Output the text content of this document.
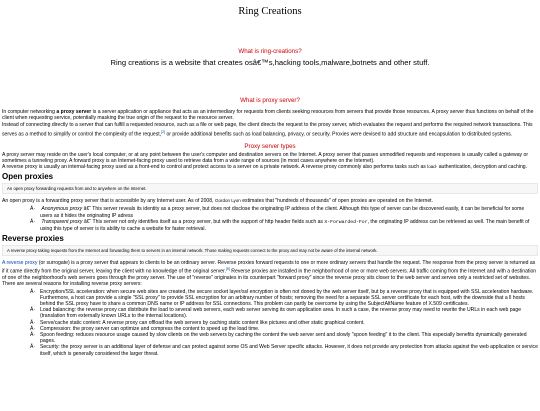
Ring Creations
What is ring-creations?
Ring creations is a website that creates osâ€™s,hacking tools,malware,botnets and other stuff.
What is proxy server?

In computer networking a proxy server is a server application or appliance that acts as an intermediary for requests from clients seeking resources from servers that provide those resources. A proxy server thus functions on behalf of the client when requesting service, potentially masking the true origin of the request to the resource server.

Instead of connecting directly to a server that can fulfill a requested resource, such as a file or web page, the client directs the request to the proxy server, which evaluates the request and performs the required network transactions. This serves as a method to simplify or control the complexity of the request,[2] or provide additional benefits such as load balancing, privacy, or security. Proxies were devised to add structure and encapsulation to distributed systems.

Proxy server types

A proxy server may reside on the user's local computer, or at any point between the user's computer and destination servers on the Internet. A proxy server that passes unmodified requests and responses is usually called a gateway or sometimes a tunneling proxy. A forward proxy is an Internet-facing proxy used to retrieve data from a wide range of sources (in most cases anywhere on the Internet).

A reverse proxy is usually an internal-facing proxy used as a front-end to control and protect access to a server on a private network. A reverse proxy commonly also performs tasks such as load- authentication, decryption and caching.

Open proxies
An open proxy forwarding requests from and to anywhere on the Internet.

An open proxy is a forwarding proxy server that is accessible by any Internet user. As of 2008, Gordon Lyon estimates that "hundreds of thousands" of open proxies are operated on the Internet.

Â· Anonymous proxy â€“ This server reveals its identity as a proxy server, but does not disclose the originating IP address of the client. Although this type of server can be discovered easily, it can be beneficial for some users as it hides the originating IP adress
Â· Transparent proxy â€“ This server not only identifies itself as a proxy server, but with the support of http header fields such as X-Forwarded-For, the originating IP address can be retrieved as well. The main benefit of using this type of server is its ability to cache a website for faster retrieval.
Reverse proxies
A reverse proxy taking requests from the Internet and forwarding them to servers in an internal network. Those making requests connect to the proxy and may not be aware of the internal network.

A reverse proxy (or surrogate) is a proxy server that appears to clients to be an ordinary server. Reverse proxies forward requests to one or more ordinary servers that handle the request. The response from the proxy server is returned as if it came directly from the original server, leaving the client with no knowledge of the original server.[5] Reverse proxies are installed in the neighborhood of one or more web servers. All traffic coming from the Internet and with a destination of one of the neighborhood's web servers goes through the proxy server. The use of "reverse" originates in its counterpart "forward proxy" since the reverse proxy sits closer to the web server and serves only a restricted set of websites. There are several reasons for installing reverse proxy servers:

Â· Encryption/SSL acceleration: when secure web sites are created, the secure socket layer/ssl encryption is often not doned by the web server itself, but by a reverse proxy that is equipped with SSL acceleration hardware. Furthermore, a host can provide a single "SSL proxy" to provide SSL encryption for an arbitrary number of hosts; removing the need for a separate SSL server certificate for each host, with the downside that a ll hosts behind the SSL proxy have to share a common DNS name or IP address for SSL connections. This problem can partly be overcome by using the SubjectAltName feature of X.509 certificates.
Â· Load balancing: the reverse proxy can distribute the load to several web servers, each web server serving its own application area. In such a case, the reverse proxy may need to rewrite the URLs in each web page (translation from externally known URLs to the internal locations).
Â· Serve/cache static content: A reverse proxy can offload the web servers by caching static content like pictures and other static graphical content.
Â· Compression: the proxy server can optimize and compress the content to speed up the load time.
Â· Spoon feeding: reduces resource usage caused by slow clients on the web servers by caching the content the web server sent and slowly "spoon feeding" it to the client. This especially benefits dynamically generated pages.
Â· Security: the proxy server is an additional layer of defense and can protect against some OS and Web Server specific attacks. However, it does not provide any protection from attacks against the web application or service itself, which is generally considered the larger threat.
